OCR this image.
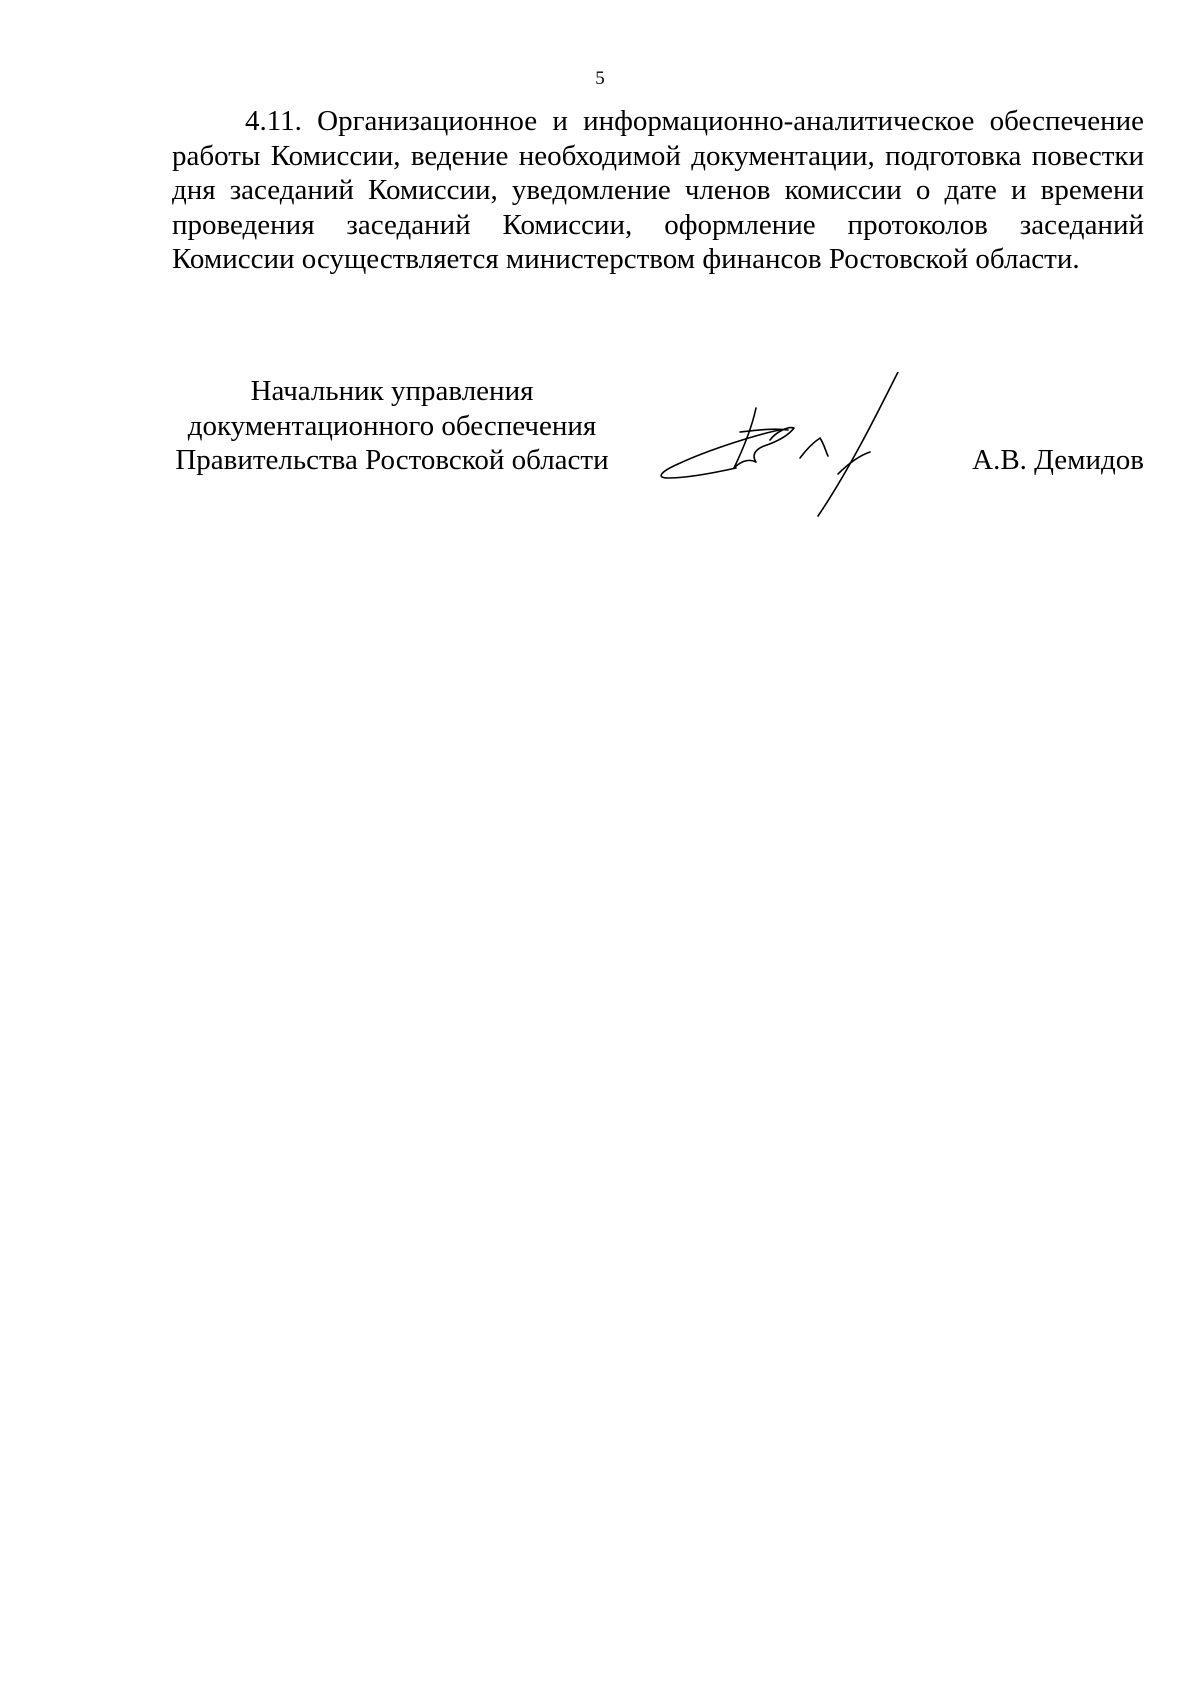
5

4.11. Организационное и информационно-аналитическое обеспечение работы Комиссии, ведение необходимой документации, подготовка повестки дня заседаний Комиссии, уведомление членов комиссии о дате и времени проведения заседаний Комиссии, оформление протоколов заседаний Комиссии осуществляется министерством финансов Ростовской области.

Начальник управления
документационного обеспечения
Правительства Ростовской области	А.В. Демидов
